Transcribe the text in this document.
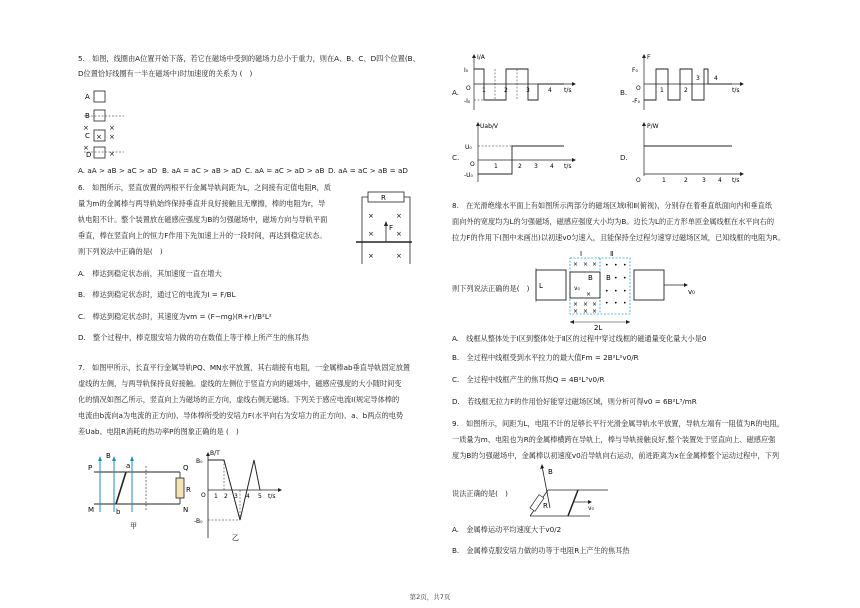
5.　如图，线圈由A位置开始下落，若它在磁场中受到的磁场力总小于重力，则在A、B、C、D四个位置(B、
D位置恰好线圈有一半在磁场中)时加速度的关系为 (　)
A
B
×	×
C × ×
×
D	×
A. aA > aB > aC > aD B. aA = aC > aB > aD C. aA = aC > aD > aB D. aA = aC > aB = aD
6.　如图所示，竖直放置的两根平行金属导轨间距为L，之间接有定值电阻R，质
量为m的金属棒与两导轨始终保持垂直并良好接触且无摩擦，棒的电阻为r，导
轨电阻不计。整个装置放在磁感应强度为B的匀强磁场中，磁场方向与导轨平面
垂直，棒在竖直向上的恒力F作用下先加速上升的一段时间，再达到稳定状态。
则下列说法中正确的是(　)
R
F
×	×
×	×
×	×
A.　棒达到稳定状态前，其加速度一直在增大
B.　棒达到稳定状态时，通过它的电流为I = F/BL
C.　棒达到稳定状态时，其速度为vm = (F−mg)(R+r)/B²L²
D.　整个过程中，棒克服安培力做的功在数值上等于棒上所产生的焦耳热
7.　如图甲所示，长直平行金属导轨PQ、MN水平放置，其右端接有电阻，一金属棒ab垂直导轨固定放置
虚线的左侧，与两导轨保持良好接触。虚线的左侧位于竖直方向的磁场中，磁感应强度的大小随时间变
化的情况如图乙所示，竖直向上为磁场的正方向，虚线右侧无磁场。下列关于感应电流I(规定导体棒的
电流由b流向a为电流的正方向)、导体棒所受的安培力F(水平向右为安培力的正方向)、a、b两点的电势
差Uab、电阻R消耗的热功率P的图象正确的是 (　)
P	Q
M	N
a
b
R
B
甲
B/T
t/s
B₀
-B₀
O 1 2 3 4 5
乙
A.
I/A
I₀
O
-I₀
1	2	3	4 t/s	B.
F
F₀
O
-F₀
1	2
3 4
t/s
C.
Uab/V
U₀
O
-U₀
1	2 3 4 t/s
D.
P/W
O	1	2 3 4 t/s
8.　在光滑绝缘水平面上有如图所示两部分的磁场区域Ⅰ和Ⅱ(俯视)，分别存在着垂直纸面向内和垂直纸
面向外的宽度均为L的匀强磁场，磁感应强度大小均为B。边长为L的正方形单匝金属线框在水平向右的
拉力F的作用下(图中未画出)以初速v0匀速入，且能保持全过程匀速穿过磁场区域，已知线框的电阻为R。
则下列说法正确的是(　) L
Ⅰ	Ⅱ
B B
v₀
× × ×
× × ×
× × ×
×
• • •
• •
• • •
• • •
2L
v₀
A.　线框从整体处于Ⅰ区到整体处于Ⅱ区的过程中穿过线框的磁通量变化量大小是0
B.　全过程中线框受到水平拉力的最大值Fm = 2B²L²v0/R
C.　全过程中线框产生的焦耳热Q = 4B²L³v0/R
D.　若线框无拉力F的作用恰好能穿过磁场区域，则分析可得v0 = 6B²L³/mR
9.　如图所示，间距为L，电阻不计的足够长平行光滑金属导轨水平放置，导轨左端有一阻值为R的电阻，
一质量为m、电阻也为R的金属棒横跨在导轨上，棒与导轨接触良好,整个装置处于竖直向上、磁感应强
度为B的匀强磁场中，金属棒以初速度v0沿导轨向右运动，前进距离为x在金属棒整个运动过程中，下列
说法正确的是(　)
R
B
v₀
A.　金属棒运动平均速度大于v0/2
B.　金属棒克服安培力做的功等于电阻R上产生的焦耳热
第2页，共7页
